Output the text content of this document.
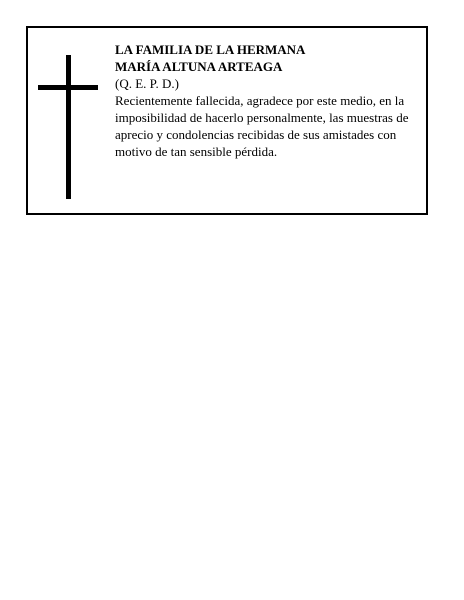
LA FAMILIA DE LA HERMANA
MARÍA ALTUNA ARTEAGA
(Q. E. P. D.)
Recientemente fallecida, agradece por este medio, en la imposibilidad de hacerlo personalmente, las muestras de aprecio y condolencias recibidas de sus amistades con motivo de tan sensible pérdida.
